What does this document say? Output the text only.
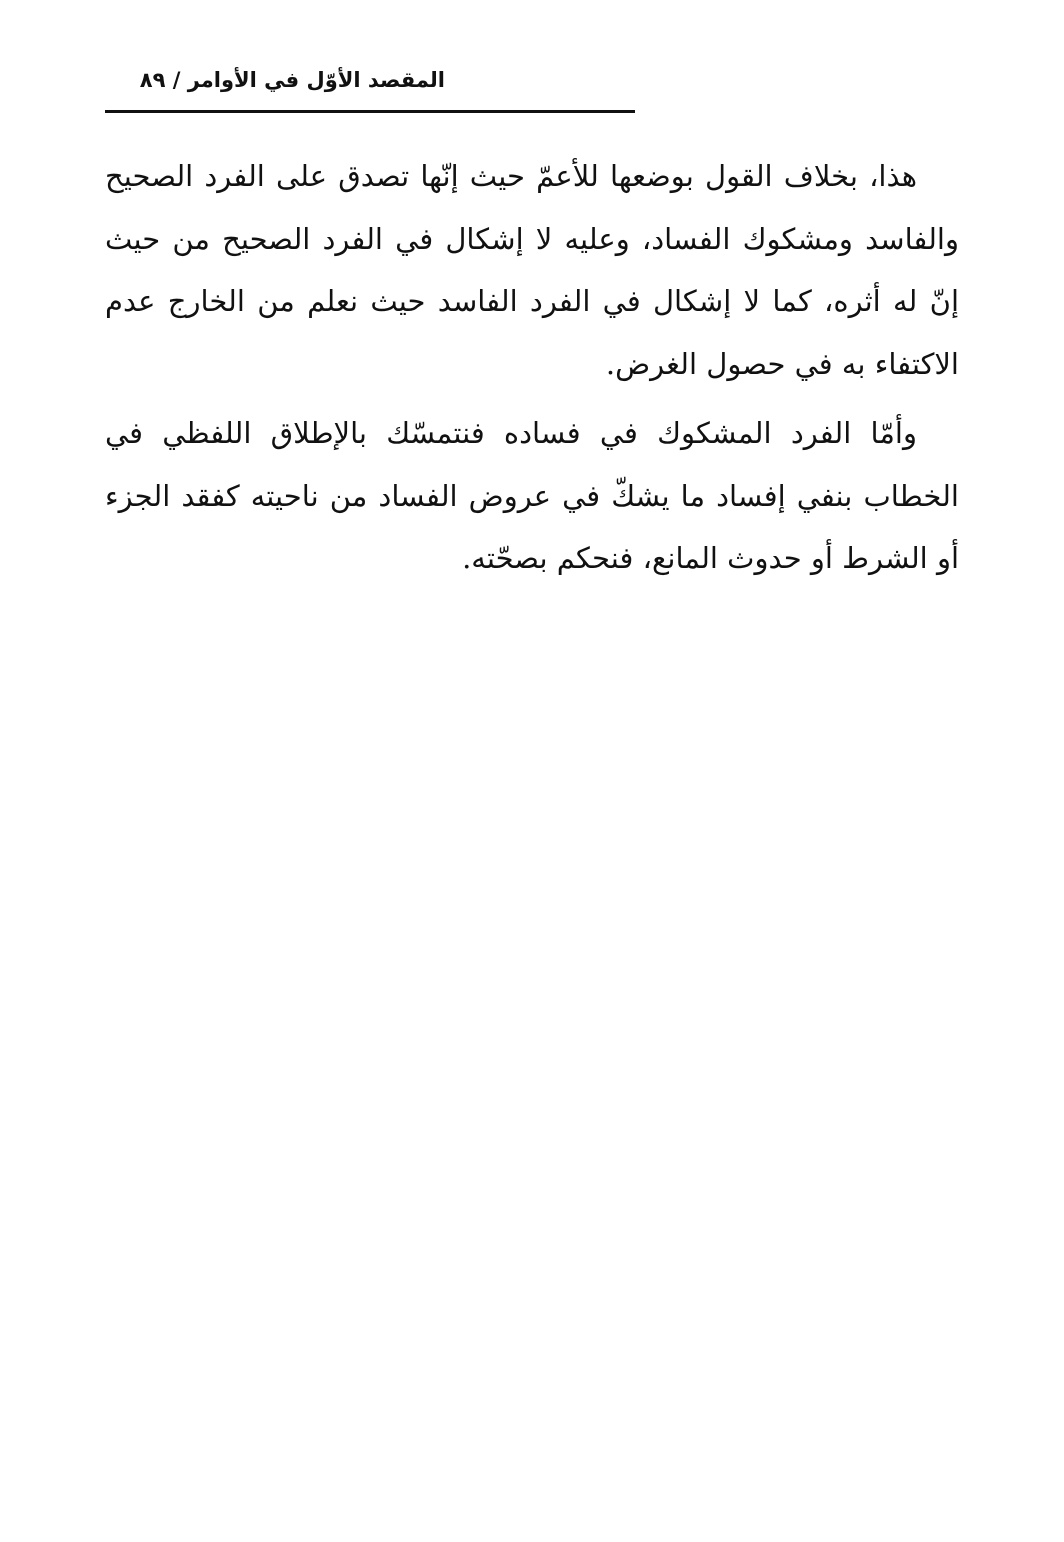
المقصد الأوّل في الأوامر / ٨٩

هذا، بخلاف القول بوضعها للأعمّ حيث إنّها تصدق على الفرد الصحيح والفاسد ومشكوك الفساد، وعليه لا إشكال في الفرد الصحيح من حيث إنّ له أثره، كما لا إشكال في الفرد الفاسد حيث نعلم من الخارج عدم الاكتفاء به في حصول الغرض.

وأمّا الفرد المشكوك في فساده فنتمسّك بالإطلاق اللفظي في الخطاب بنفي إفساد ما يشكّ في عروض الفساد من ناحيته كفقد الجزء أو الشرط أو حدوث المانع، فنحكم بصحّته.
